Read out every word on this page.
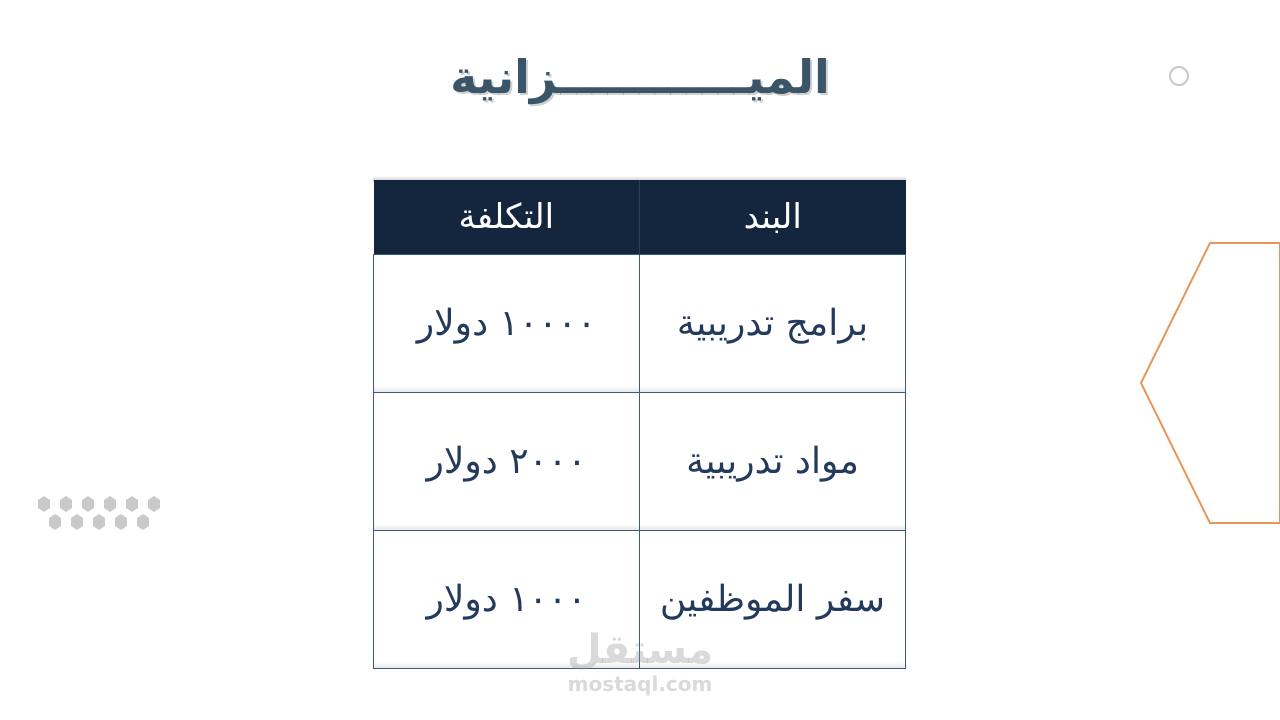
الميــــــــــــزانية
البند	التكلفة
برامج تدريبية	١٠٠٠٠ دولار
مواد تدريبية	٢٠٠٠ دولار
سفر الموظفين	١٠٠٠ دولار
مستقل
mostaql.com
